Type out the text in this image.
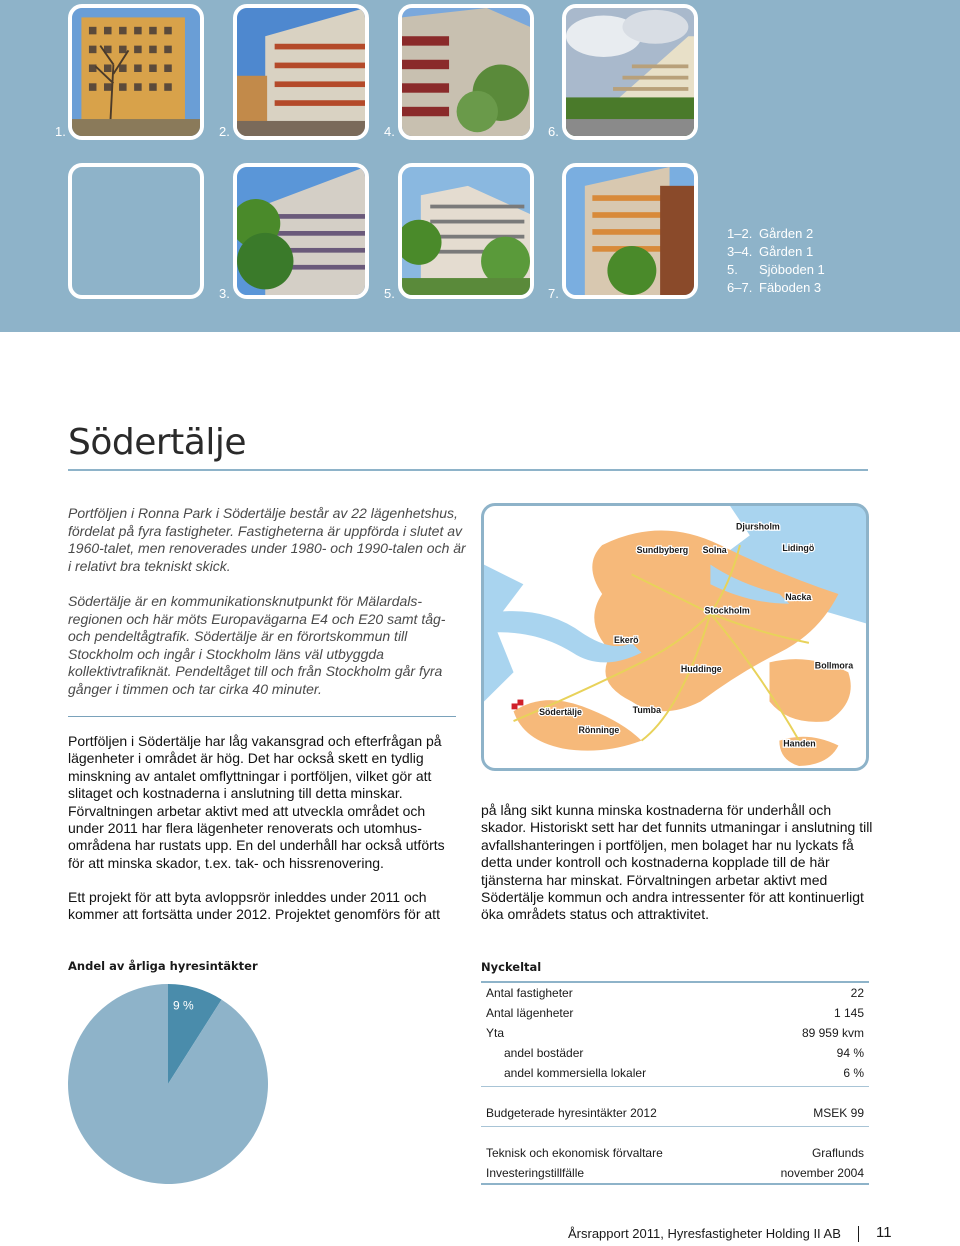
1.	2.	4.	6.
3.	5.	7.
1–2. Gården 2
3–4. Gården 1
5.	Sjöboden 1
6–7. Fäboden 3
Södertälje

Portföljen i Ronna Park i Södertälje består av 22 lägenhetshus, fördelat på fyra fastigheter. Fastigheterna är uppförda i slutet av 1960-talet, men renoverades under 1980- och 1990-talen och är i relativt bra tekniskt skick.

Södertälje är en kommunikationsknutpunkt för Mälardalsregionen och här möts Europavägarna E4 och E20 samt tåg- och pendeltågtrafik. Södertälje är en förortskommun till Stockholm och ingår i Stockholm läns väl utbyggda kollektivtrafiknät. Pendeltåget till och från Stockholm går fyra gånger i timmen och tar cirka 40 minuter.

Portföljen i Södertälje har låg vakansgrad och efterfrågan på lägenheter i området är hög. Det har också skett en tydlig minskning av antalet omflyttningar i portföljen, vilket gör att slitaget och kostnaderna i anslutning till detta minskar. Förvaltningen arbetar aktivt med att utveckla området och under 2011 har flera lägenheter renoverats och utomhusområdena har rustats upp. En del underhåll har också utförts för att minska skador, t.ex. tak- och hissrenovering.

Ett projekt för att byta avloppsrör inleddes under 2011 och kommer att fortsätta under 2012. Projektet genomförs för att

på lång sikt kunna minska kostnaderna för underhåll och skador. Historiskt sett har det funnits utmaningar i anslutning till avfallshanteringen i portföljen, men bolaget har nu lyckats få detta under kontroll och kostnaderna kopplade till de här tjänsterna har minskat. Förvaltningen arbetar aktivt med Södertälje kommun och andra intressenter för att kontinuerligt öka områdets status och attraktivitet.

Djursholm
Sundbyberg Solna	Lidingö
Stockholm
Nacka
Ekerö
Huddinge	Bollmora
Södertälje	Tumba
Rönninge
Handen
Andel av årliga hyresintäkter
9 %
Nyckeltal
Antal fastigheter	22
Antal lägenheter	1 145
Yta	89 959 kvm
andel bostäder	94 %
andel kommersiella lokaler	6 %
Budgeterade hyresintäkter 2012	MSEK 99
Teknisk och ekonomisk förvaltare	Graflunds
Investeringstillfälle	november 2004
Årsrapport 2011, Hyresfastigheter Holding II AB 11
